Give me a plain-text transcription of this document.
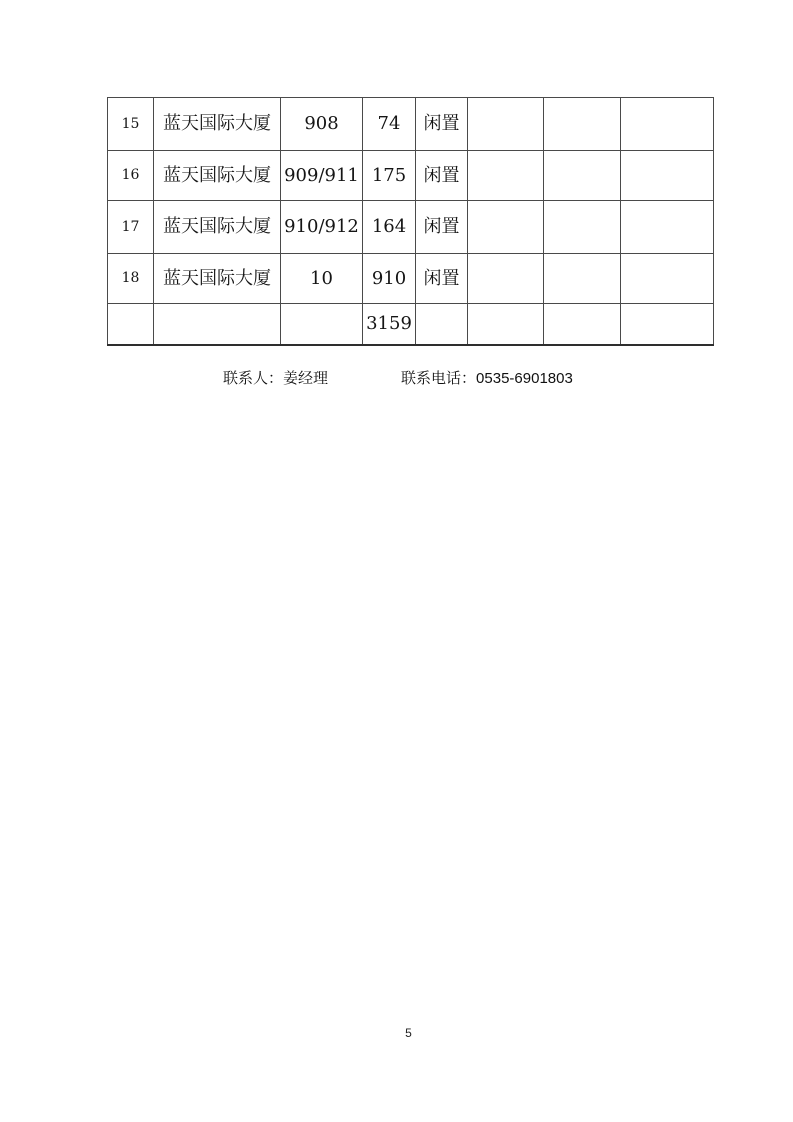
15	蓝天国际大厦	908	74	闲置			
16	蓝天国际大厦	909/911	175	闲置			
17	蓝天国际大厦	910/912	164	闲置			
18	蓝天国际大厦	10	910	闲置			
			3159				
联系人：姜经理	联系电话：0535-6901803
5
